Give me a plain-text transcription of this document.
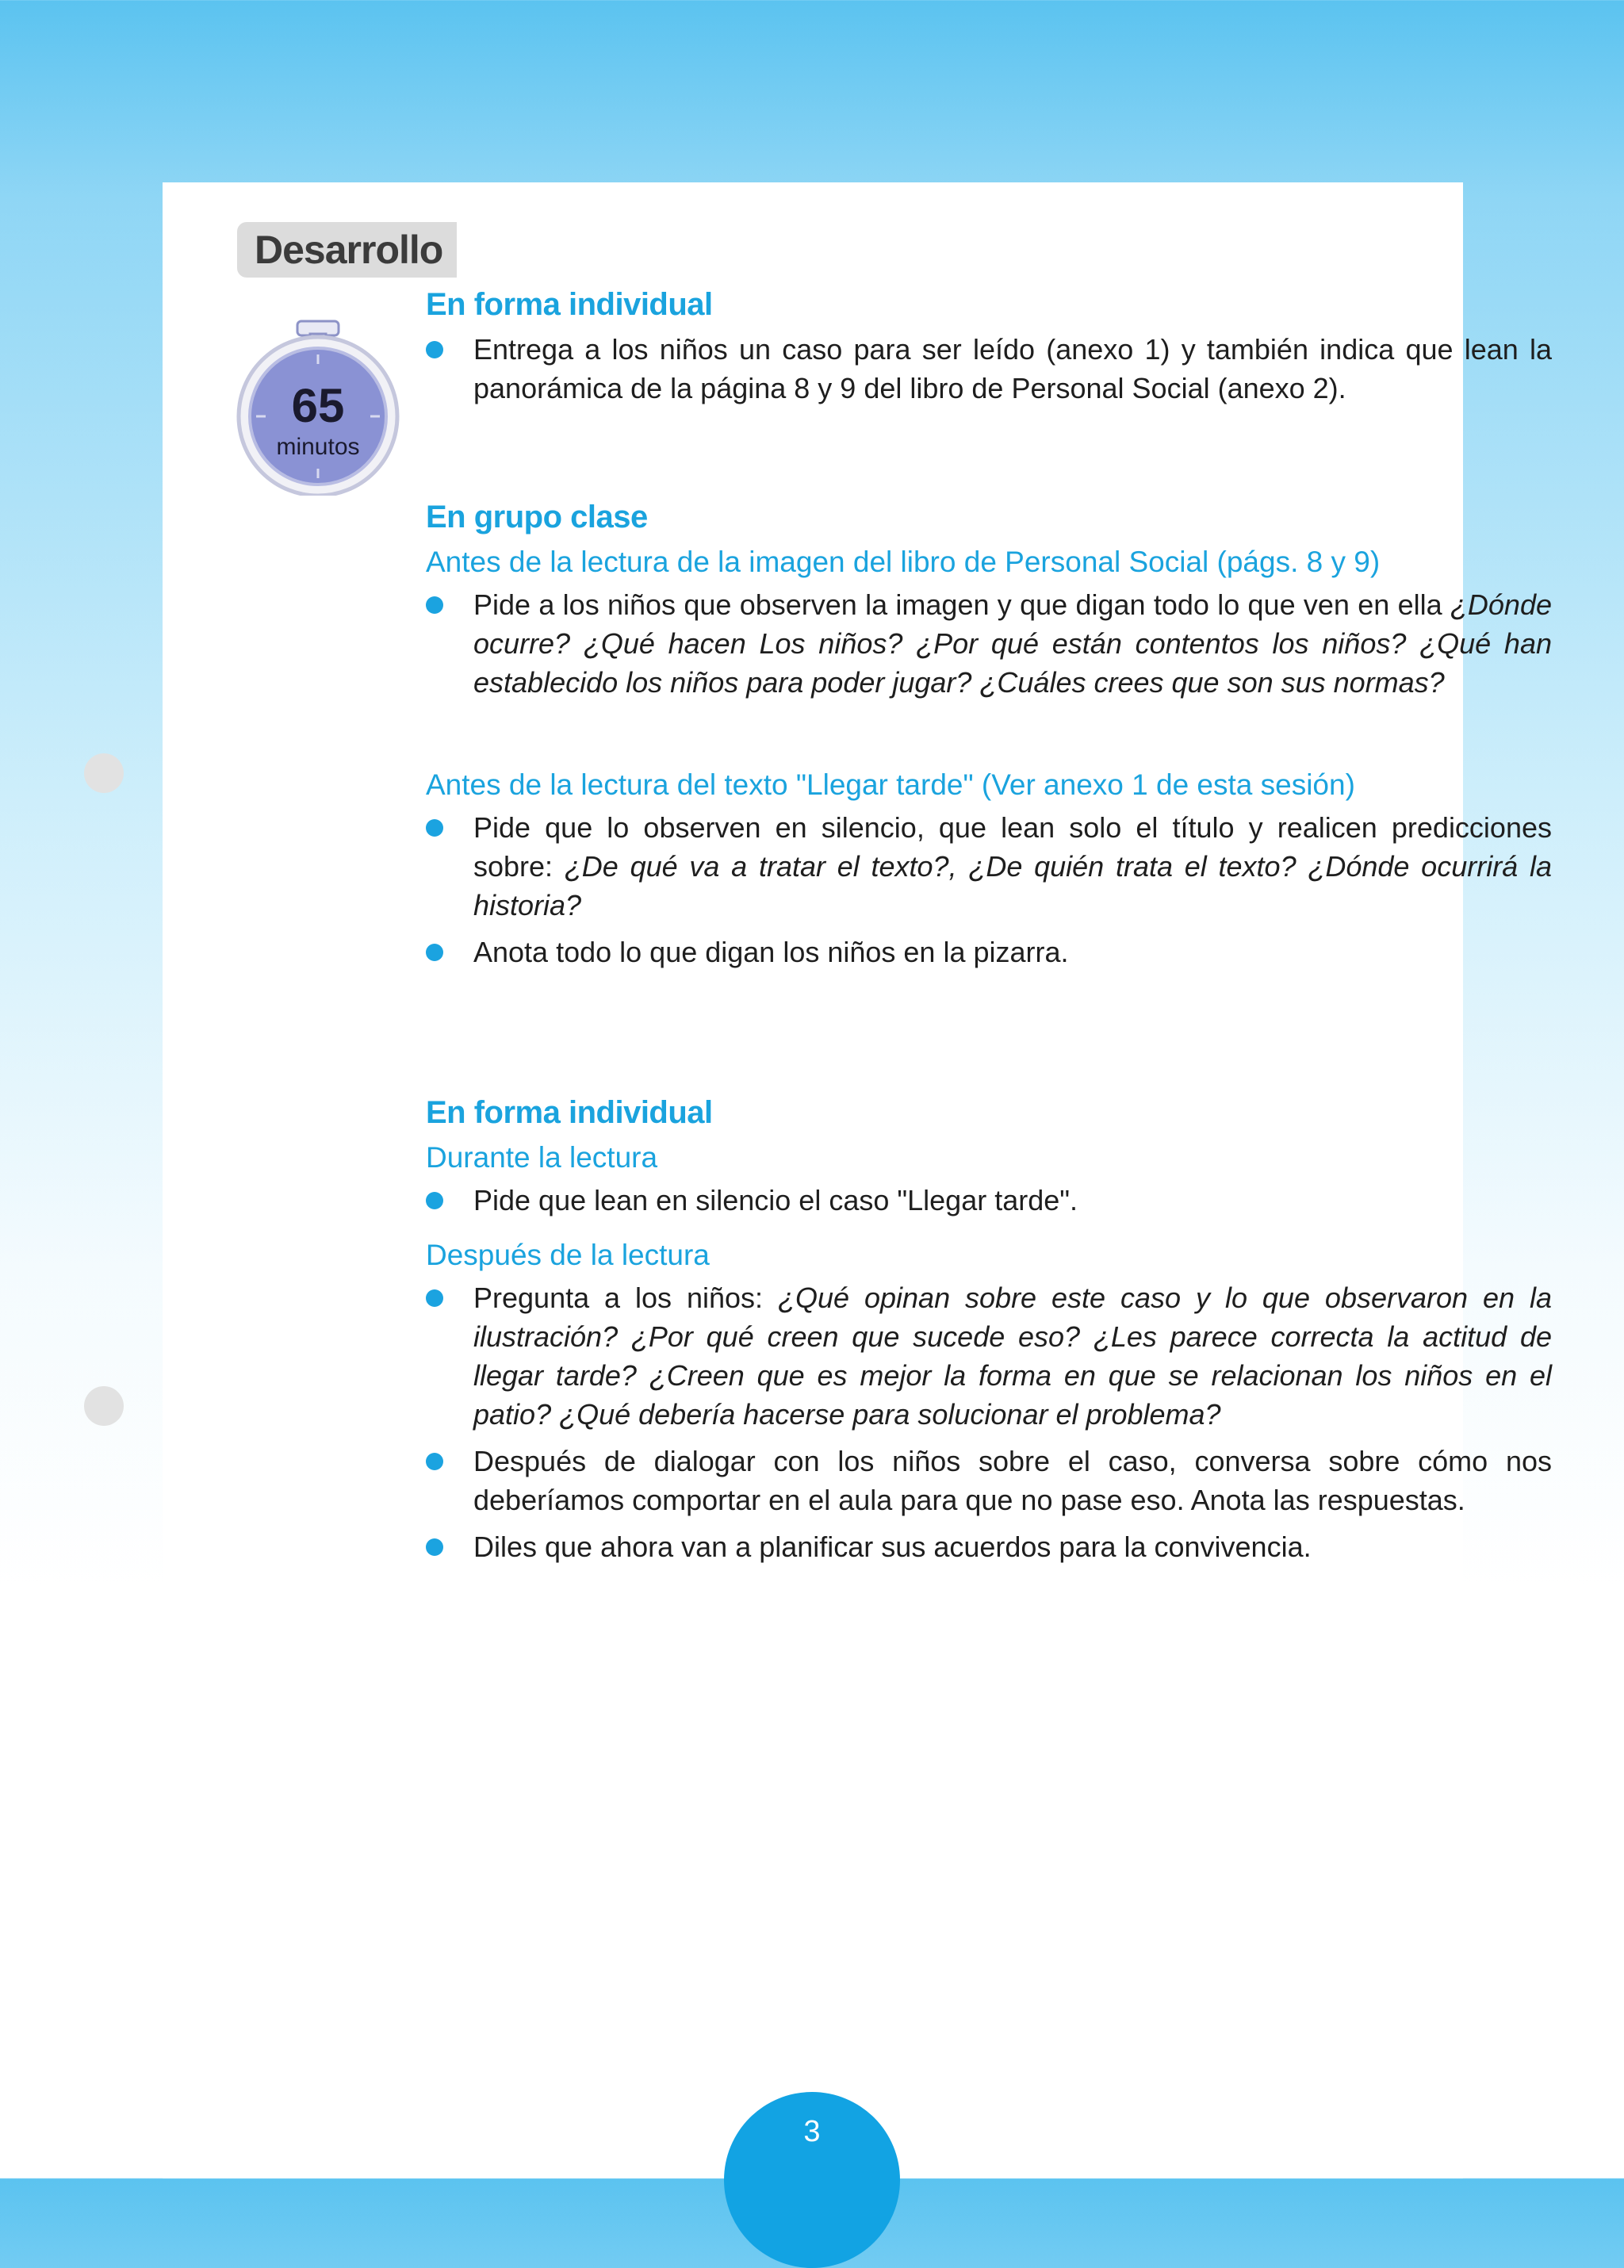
Desarrollo
65
minutos
En forma individual
Entrega a los niños un caso para ser leído (anexo 1) y también indica que lean la panorámica de la página 8 y 9 del libro de Personal Social (anexo 2).
En grupo clase
Antes de la lectura de la imagen del libro de Personal Social (págs. 8 y 9)
Pide a los niños que observen la imagen y que digan todo lo que ven en ella ¿Dónde ocurre? ¿Qué hacen Los niños? ¿Por qué están contentos los niños? ¿Qué han establecido los niños para poder jugar? ¿Cuáles crees que son sus normas?
Antes de la lectura del texto "Llegar tarde" (Ver anexo 1 de esta sesión)
Pide que lo observen en silencio, que lean solo el título y realicen predicciones sobre: ¿De qué va a tratar el texto?, ¿De quién trata el texto? ¿Dónde ocurrirá la historia?
Anota todo lo que digan los niños en la pizarra.
En forma individual
Durante la lectura
Pide que lean en silencio el caso "Llegar tarde".
Después de la lectura
Pregunta a los niños: ¿Qué opinan sobre este caso y lo que observaron en la ilustración? ¿Por qué creen que sucede eso? ¿Les parece correcta la actitud de llegar tarde? ¿Creen que es mejor la forma en que se relacionan los niños en el patio? ¿Qué debería hacerse para solucionar el problema?
Después de dialogar con los niños sobre el caso, conversa sobre cómo nos deberíamos comportar en el aula para que no pase eso. Anota las respuestas.
Diles que ahora van a planificar sus acuerdos para la convivencia.
3
